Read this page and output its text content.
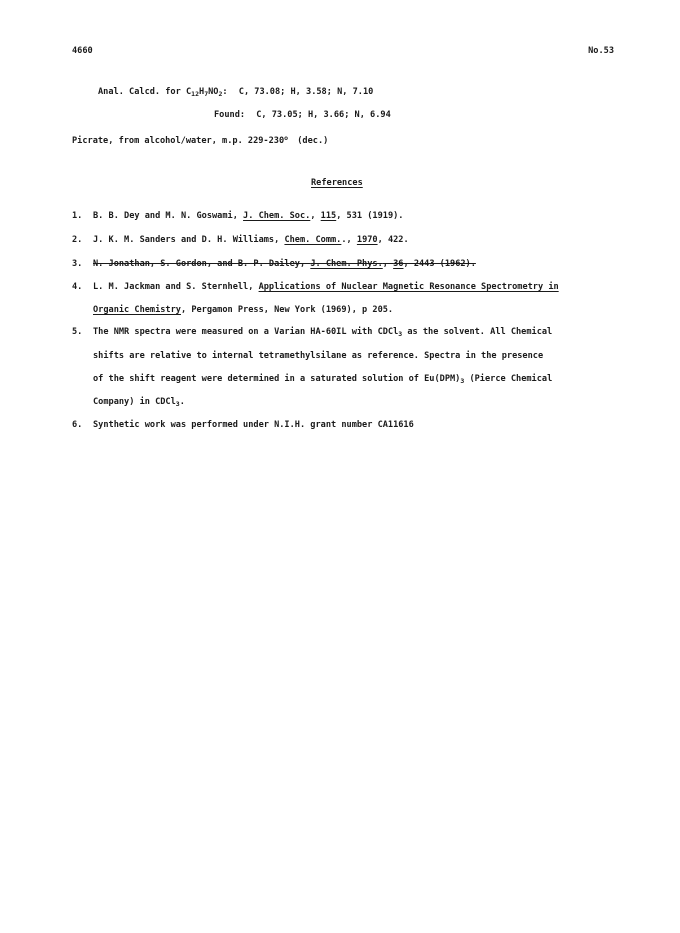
4660	No.53
Anal. Calcd. for $C_{12}H_7NO_2$: C, 73.08; H, 3.58; N, 7.10
Found: C, 73.05; H, 3.66; N, 6.94
Picrate, from alcohol/water, m.p. 229-230$^o$ (dec.)
References
1. B. B. Dey and M. N. Goswami, J. Chem. Soc., 115, 531 (1919).
2. J. K. M. Sanders and D. H. Williams, Chem. Comm.., 1970, 422.
3. N. Jonathan, S. Gordon, and B. P. Dailey, J. Chem. Phys., 36, 2443 (1962).
4. L. M. Jackman and S. Sternhell, Applications of Nuclear Magnetic Resonance Spectrometry in
Organic Chemistry, Pergamon Press, New York (1969), p 205.
5. The NMR spectra were measured on a Varian HA-60IL with CDCl$_3$ as the solvent. All Chemical
shifts are relative to internal tetramethylsilane as reference. Spectra in the presence
of the shift reagent were determined in a saturated solution of $Eu(DPM)_3$ (Pierce Chemical
Company) in CDCl$_3$.
6. Synthetic work was performed under N.I.H. grant number CA11616
